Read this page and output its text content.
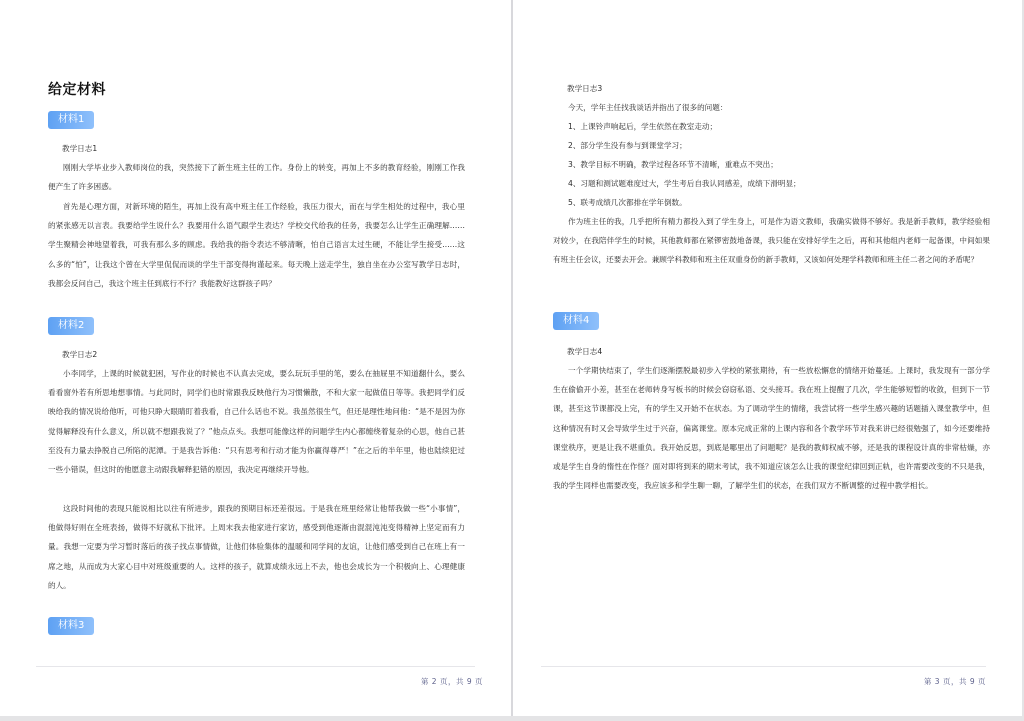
给定材料
材料1

教学日志1

刚刚大学毕业步入教师岗位的我，突然接下了新生班主任的工作。身份上的转变，再加上不多的教育经验，刚刚工作我便产生了许多困惑。

首先是心理方面，对新环境的陌生，再加上没有高中班主任工作经验，我压力很大，而在与学生相处的过程中，我心里的紧张感无以言表。我要给学生说什么？我要用什么语气跟学生表达？学校交代给我的任务，我要怎么让学生正确理解……学生聚精会神地望着我，可我有那么多的顾虑。我给我的指令表达不够清晰，怕自己语言太过生硬，不能让学生接受……这么多的“怕”，让我这个曾在大学里侃侃而谈的学生干部变得拘谨起来。每天晚上送走学生，独自坐在办公室写教学日志时，我都会反问自己，我这个班主任到底行不行？我能教好这群孩子吗？

材料2

教学日志2

小李同学，上课的时候就犯困，写作业的时候也不认真去完成，要么玩玩手里的笔，要么在抽屉里不知道翻什么，要么看看窗外若有所思地想事情。与此同时，同学们也时常跟我反映他行为习惯懒散，不和大家一起做值日等等。我把同学们反映给我的情况说给他听，可他只睁大眼睛盯着我看，自己什么话也不说。我虽然很生气，但还是理性地问他：“是不是因为你觉得解释没有什么意义，所以就不想跟我说了？”他点点头。我想可能像这样的问题学生内心都缠绕着复杂的心思，他自己甚至没有力量去挣脱自己所陷的泥潭。于是我告诉他：“只有思考和行动才能为你赢得尊严！”在之后的半年里，他也陆续犯过一些小错误，但这时的他愿意主动跟我解释犯错的原因，我决定再继续开导他。

这段时间他的表现只能说相比以往有所进步，跟我的预期目标还差很远。于是我在班里经常让他帮我做一些“小事情”，他做得好则在全班表扬，做得不好就私下批评。上周末我去他家进行家访，感受到他逐渐由混混沌沌变得精神上坚定而有力量。我想一定要为学习暂时落后的孩子找点事情做，让他们体验集体的温暖和同学间的友谊，让他们感受到自己在班上有一席之地，从而成为大家心目中对班级重要的人。这样的孩子，就算成绩永远上不去，他也会成长为一个积极向上、心理健康的人。

材料3
第 2 页，共 9 页

教学日志3

今天，学年主任找我谈话并指出了很多的问题：

1、上课铃声响起后，学生依然在教室走动；

2、部分学生没有参与到课堂学习；

3、教学目标不明确，教学过程各环节不清晰，重难点不突出；

4、习题和测试题难度过大，学生考后自我认同感差，成绩下滑明显；

5、联考成绩几次都排在学年倒数。

作为班主任的我，几乎把所有精力都投入到了学生身上，可是作为语文教师，我确实做得不够好。我是新手教师，教学经验相对较少，在我陪伴学生的时候，其他教师都在紧锣密鼓地备课，我只能在安排好学生之后，再和其他组内老师一起备课，中间如果有班主任会议，还要去开会。兼顾学科教师和班主任双重身份的新手教师，又该如何处理学科教师和班主任二者之间的矛盾呢？

材料4

教学日志4

一个学期快结束了，学生们逐渐摆脱最初步入学校的紧张期待，有一些放松懈怠的情绪开始蔓延。上课时，我发现有一部分学生在偷偷开小差，甚至在老师转身写板书的时候会窃窃私语、交头接耳。我在班上提醒了几次，学生能够短暂的收敛，但到下一节课，甚至这节课都没上完，有的学生又开始不在状态。为了调动学生的情绪，我尝试将一些学生感兴趣的话题插入课堂教学中，但这种情况有时又会导致学生过于兴奋，偏离课堂。原本完成正常的上课内容和各个教学环节对我来讲已经很勉强了，如今还要维持课堂秩序，更是让我不堪重负。我开始反思，到底是哪里出了问题呢？是我的教师权威不够，还是我的课程设计真的非常枯燥，亦或是学生自身的惰性在作怪？面对即将到来的期末考试，我不知道应该怎么让我的课堂纪律回到正轨，也许需要改变的不只是我，我的学生同样也需要改变，我应该多和学生聊一聊，了解学生们的状态，在我们双方不断调整的过程中教学相长。

第 3 页，共 9 页
